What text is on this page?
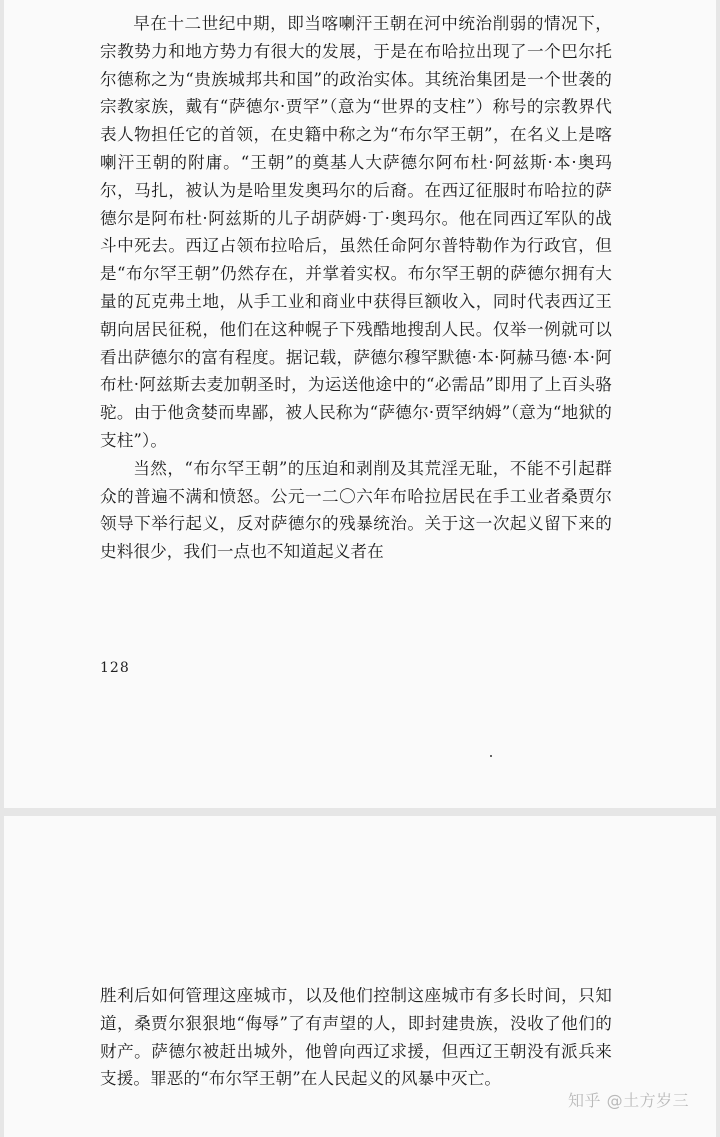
早在十二世纪中期，即当喀喇汗王朝在河中统治削弱的情况下，宗教势力和地方势力有很大的发展，于是在布哈拉出现了一个巴尔托尔德称之为“贵族城邦共和国”的政治实体。其统治集团是一个世袭的宗教家族，戴有“萨德尔·贾罕”（意为“世界的支柱”）称号的宗教界代表人物担任它的首领，在史籍中称之为“布尔罕王朝”，在名义上是喀喇汗王朝的附庸。“王朝”的奠基人大萨德尔阿布杜·阿兹斯·本·奥玛尔，马扎，被认为是哈里发奥玛尔的后裔。在西辽征服时布哈拉的萨德尔是阿布杜·阿兹斯的儿子胡萨姆·丁·奥玛尔。他在同西辽军队的战斗中死去。西辽占领布拉哈后，虽然任命阿尔普特勒作为行政官，但是“布尔罕王朝”仍然存在，并掌着实权。布尔罕王朝的萨德尔拥有大量的瓦克弗土地，从手工业和商业中获得巨额收入，同时代表西辽王朝向居民征税，他们在这种幌子下残酷地搜刮人民。仅举一例就可以看出萨德尔的富有程度。据记载，萨德尔穆罕默德·本·阿赫马德·本·阿布杜·阿兹斯去麦加朝圣时，为运送他途中的“必需品”即用了上百头骆驼。由于他贪婪而卑鄙，被人民称为“萨德尔·贾罕纳姆”（意为“地狱的支柱”）。

当然，“布尔罕王朝”的压迫和剥削及其荒淫无耻，不能不引起群众的普遍不满和愤怒。公元一二〇六年布哈拉居民在手工业者桑贾尔领导下举行起义，反对萨德尔的残暴统治。关于这一次起义留下来的史料很少，我们一点也不知道起义者在

128

胜利后如何管理这座城市，以及他们控制这座城市有多长时间，只知道，桑贾尔狠狠地“侮辱”了有声望的人，即封建贵族，没收了他们的财产。萨德尔被赶出城外，他曾向西辽求援，但西辽王朝没有派兵来支援。罪恶的“布尔罕王朝”在人民起义的风暴中灭亡。

知乎 @土方岁三
